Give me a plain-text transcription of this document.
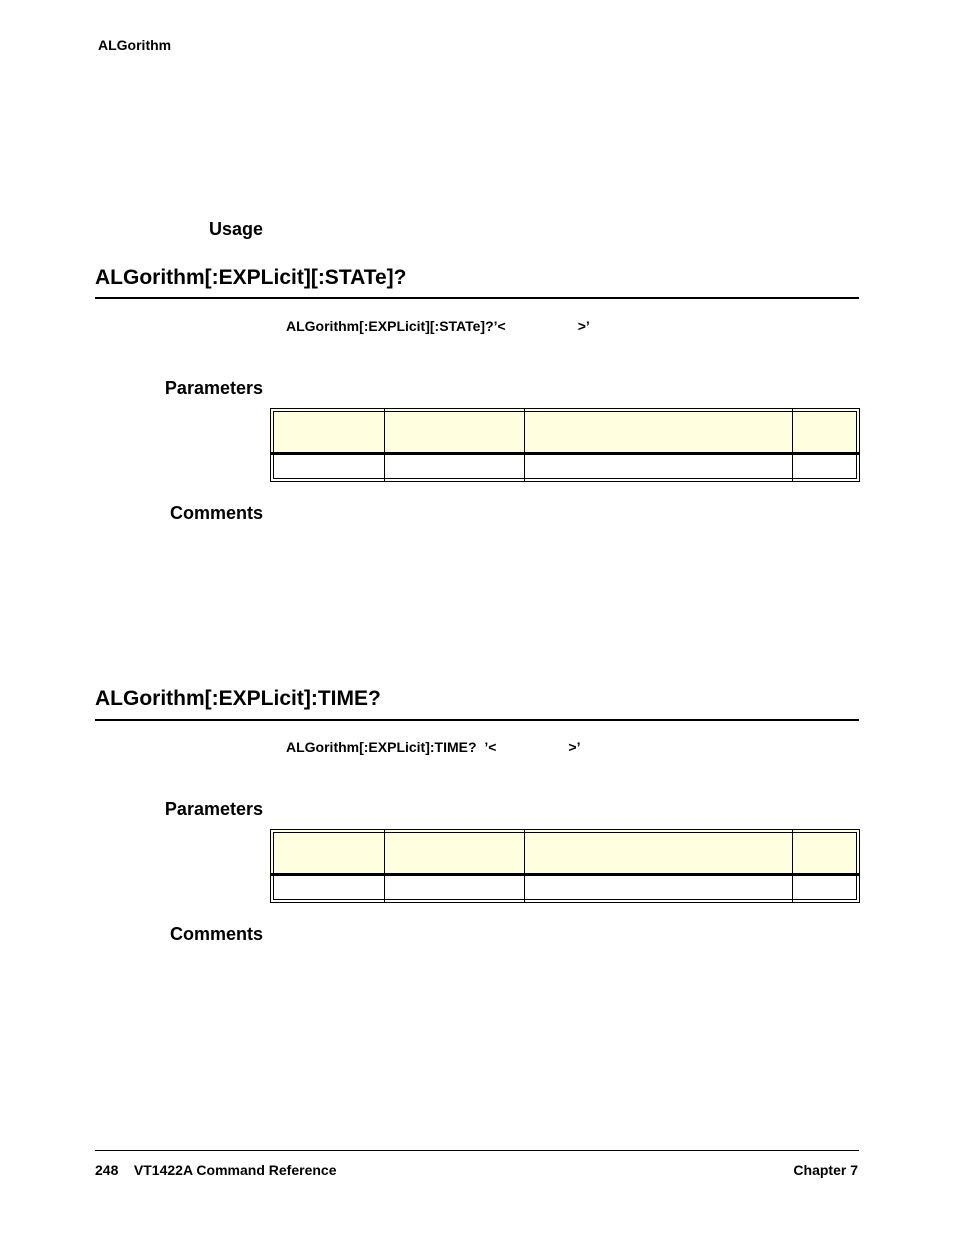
ALGorithm
Usage
ALGorithm[:EXPLicit][:STATe]?
ALGorithm[:EXPLicit][:STATe]?’<	>’
Parameters

Comments
ALGorithm[:EXPLicit]:TIME?
ALGorithm[:EXPLicit]:TIME?  ’<	>’
Parameters

Comments
248 VT1422A Command Reference	Chapter 7
